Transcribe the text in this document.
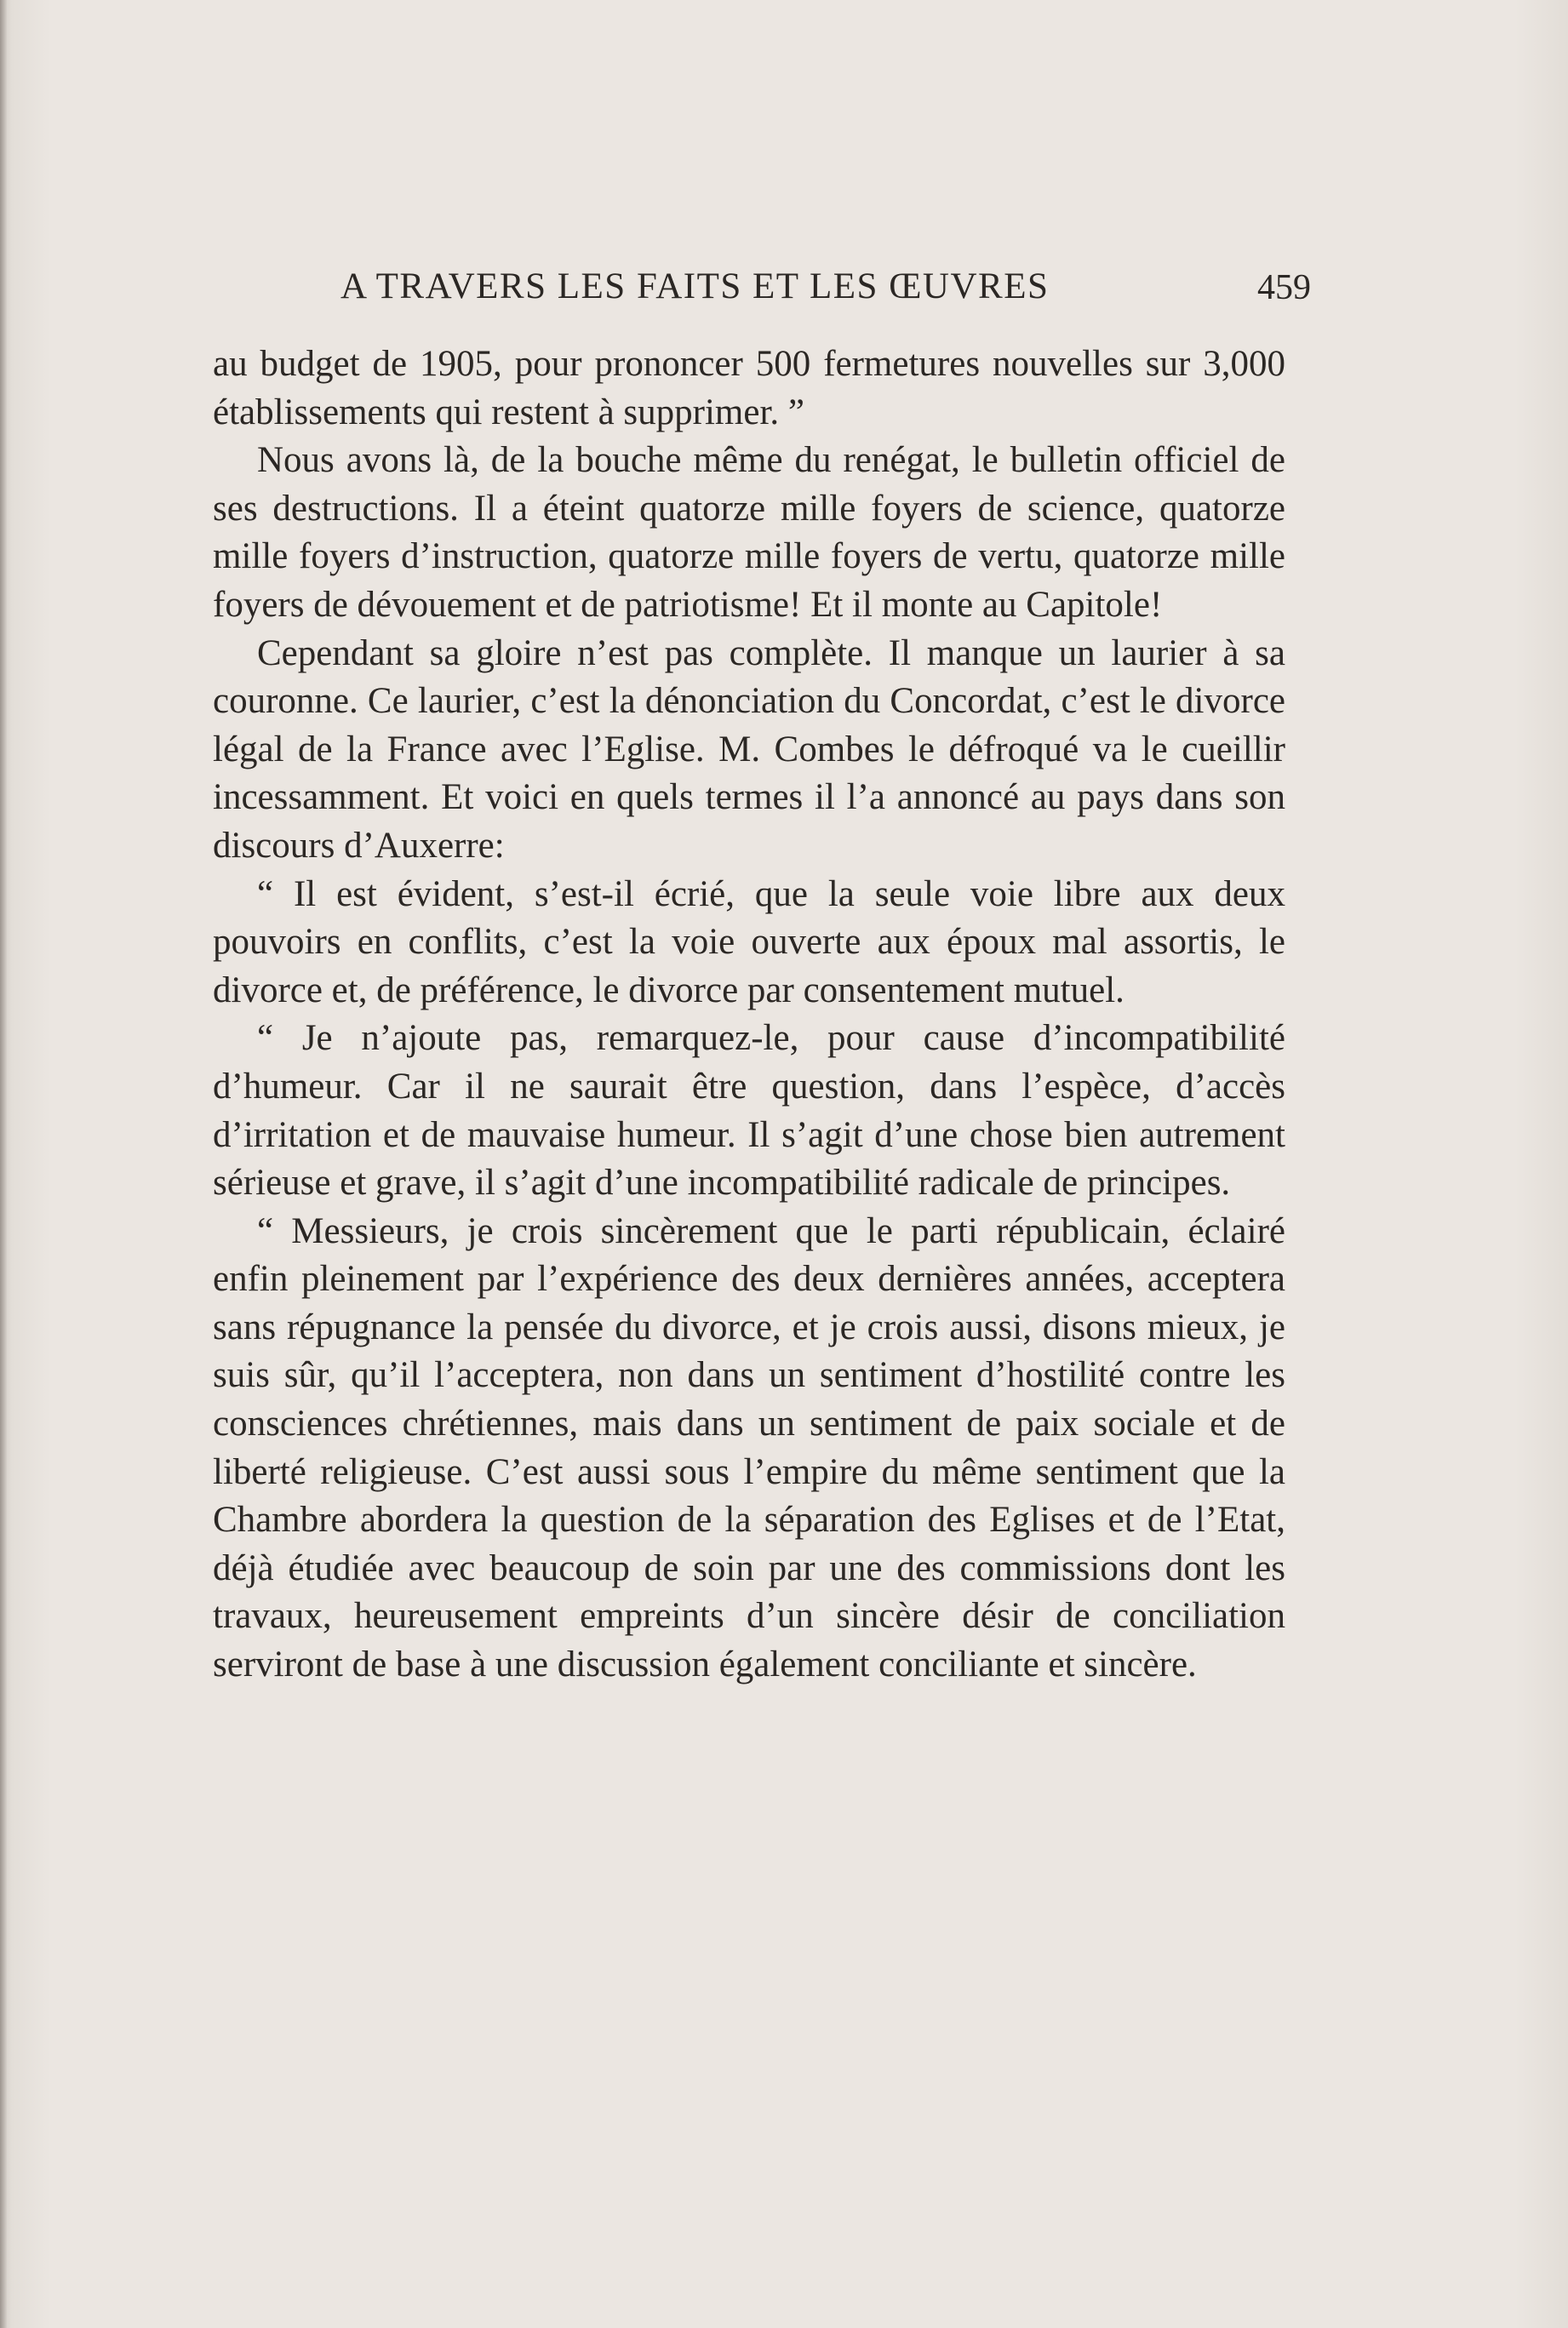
A TRAVERS LES FAITS ET LES ŒUVRES	459

au budget de 1905, pour prononcer 500 fermetures nouvelles sur 3,000 établissements qui restent à supprimer. ”

Nous avons là, de la bouche même du renégat, le bulletin officiel de ses destructions. Il a éteint quatorze mille foyers de science, quatorze mille foyers d’instruction, quatorze mille foyers de vertu, quatorze mille foyers de dévouement et de patriotisme! Et il monte au Capitole!

Cependant sa gloire n’est pas complète. Il manque un laurier à sa couronne. Ce laurier, c’est la dénonciation du Concordat, c’est le divorce légal de la France avec l’Eglise. M. Combes le défroqué va le cueillir incessamment. Et voici en quels termes il l’a annoncé au pays dans son discours d’Auxerre:

“ Il est évident, s’est-il écrié, que la seule voie libre aux deux pouvoirs en conflits, c’est la voie ouverte aux époux mal assortis, le divorce et, de préférence, le divorce par consentement mutuel.

“ Je n’ajoute pas, remarquez-le, pour cause d’incompatibilité d’humeur. Car il ne saurait être question, dans l’espèce, d’accès d’irritation et de mauvaise humeur. Il s’agit d’une chose bien autrement sérieuse et grave, il s’agit d’une incompatibilité radicale de principes.

“ Messieurs, je crois sincèrement que le parti républicain, éclairé enfin pleinement par l’expérience des deux dernières années, acceptera sans répugnance la pensée du divorce, et je crois aussi, disons mieux, je suis sûr, qu’il l’acceptera, non dans un sentiment d’hostilité contre les consciences chrétiennes, mais dans un sentiment de paix sociale et de liberté religieuse. C’est aussi sous l’empire du même sentiment que la Chambre abordera la question de la séparation des Eglises et de l’Etat, déjà étudiée avec beaucoup de soin par une des commissions dont les travaux, heureusement empreints d’un sincère désir de conciliation serviront de base à une discussion également conciliante et sincère.
